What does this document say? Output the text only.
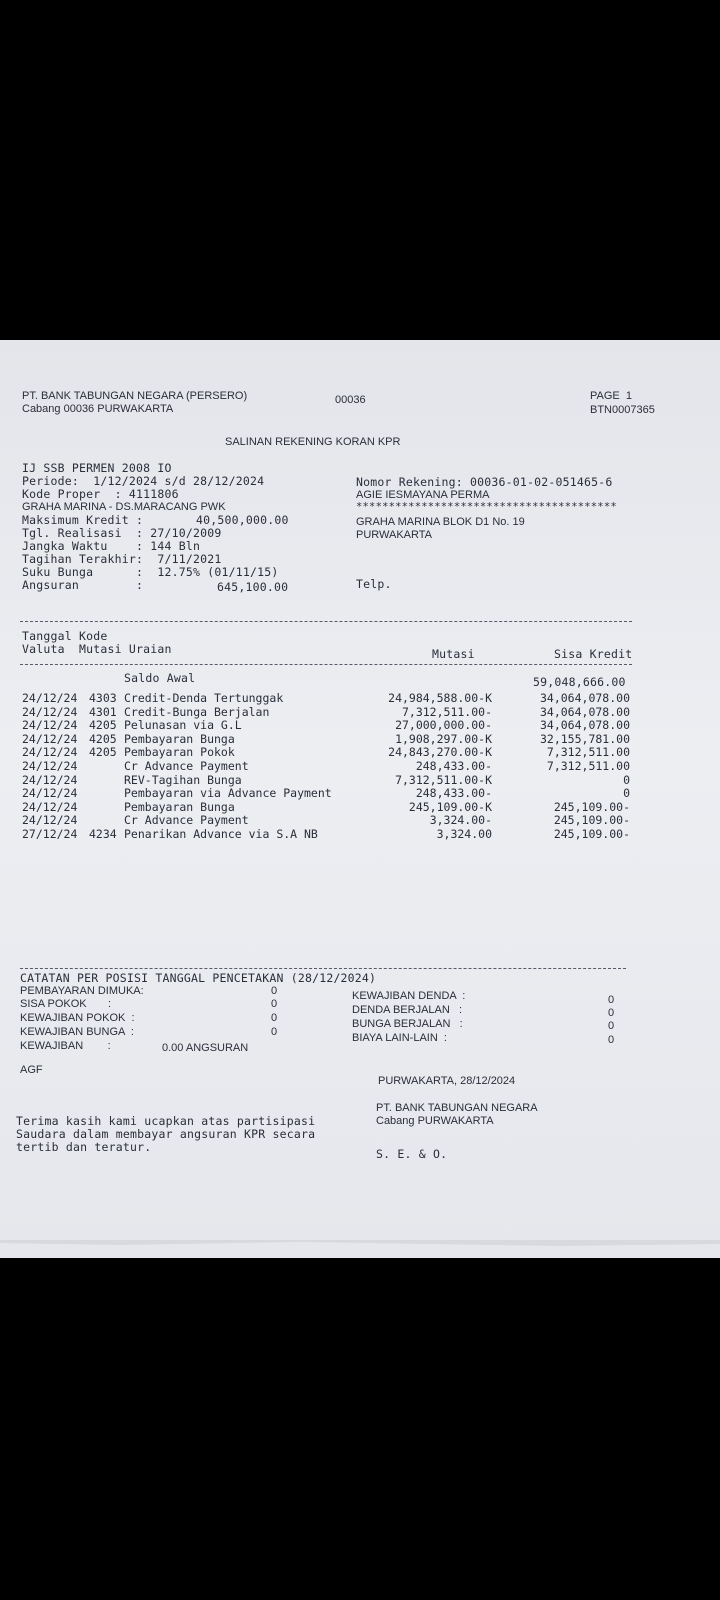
PT. BANK TABUNGAN NEGARA (PERSERO)
Cabang 00036 PURWAKARTA
00036	PAGE  1
BTN0007365
SALINAN REKENING KORAN KPR
IJ SSB PERMEN 2008 IO
Periode:  1/12/2024 s/d 28/12/2024
Kode Proper  : 4111806
GRAHA MARINA - DS.MARACANG PWK
Maksimum Kredit :	40,500,000.00
Tgl. Realisasi  : 27/10/2009
Jangka Waktu    : 144 Bln
Tagihan Terakhir:  7/11/2021
Suku Bunga      :  12.75% (01/11/15)
Angsuran        :	645,100.00
Nomor Rekening: 00036-01-02-051465-6
AGIE IESMAYANA PERMA
****************************************
GRAHA MARINA BLOK D1 No. 19
PURWAKARTA
Telp.
Tanggal Kode
Valuta  Mutasi Uraian	Mutasi	Sisa Kredit
Saldo Awal	59,048,666.00
24/12/24 4303 Credit-Denda Tertunggak	24,984,588.00-K	34,064,078.00
24/12/24 4301 Credit-Bunga Berjalan	7,312,511.00-	34,064,078.00
24/12/24 4205 Pelunasan via G.L	27,000,000.00-	34,064,078.00
24/12/24 4205 Pembayaran Bunga	1,908,297.00-K	32,155,781.00
24/12/24 4205 Pembayaran Pokok	24,843,270.00-K	7,312,511.00
24/12/24	Cr Advance Payment	248,433.00-	7,312,511.00
24/12/24	REV-Tagihan Bunga	7,312,511.00-K	0
24/12/24	Pembayaran via Advance Payment	248,433.00-	0
24/12/24	Pembayaran Bunga	245,109.00-K	245,109.00-
24/12/24	Cr Advance Payment	3,324.00-	245,109.00-
27/12/24 4234 Penarikan Advance via S.A NB	3,324.00	245,109.00-
CATATAN PER POSISI TANGGAL PENCETAKAN (28/12/2024)
PEMBAYARAN DIMUKA:	0
SISA POKOK       :	0
KEWAJIBAN POKOK  :	0
KEWAJIBAN BUNGA  :	0
KEWAJIBAN        :	0.00 ANGSURAN
KEWAJIBAN DENDA  :	0
DENDA BERJALAN   :	0
BUNGA BERJALAN   :	0
BIAYA LAIN-LAIN  :	0
AGF
PURWAKARTA, 28/12/2024
PT. BANK TABUNGAN NEGARA
Cabang PURWAKARTA
Terima kasih kami ucapkan atas partisipasi
Saudara dalam membayar angsuran KPR secara
tertib dan teratur.	S. E. & O.
